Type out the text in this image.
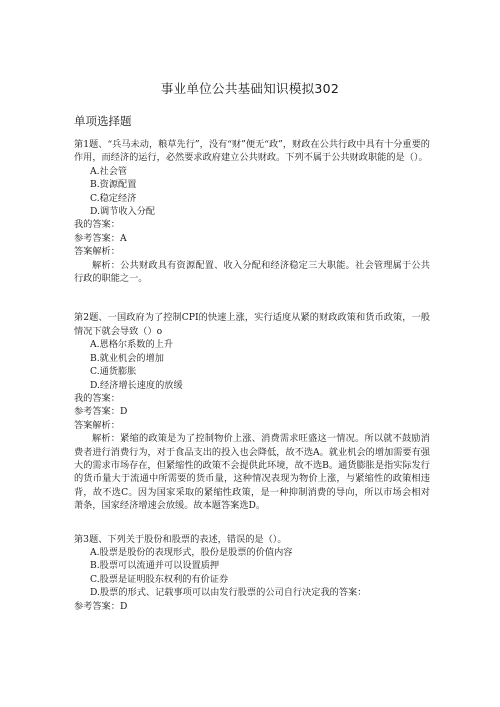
事业单位公共基础知识模拟302
单项选择题

第1题、“兵马未动，粮草先行”，没有“财”便无“政”，财政在公共行政中具有十分重要的作用，而经济的运行，必然要求政府建立公共财政。下列不属于公共财政职能的是（）。

A.社会管

B.资源配置

C.稳定经济

D.调节收入分配

我的答案：

参考答案：A

答案解析：

解析：公共财政具有资源配置、收入分配和经济稳定三大职能。社会管理属于公共行政的职能之一。

第2题、一国政府为了控制CPI的快速上涨，实行适度从紧的财政政策和货币政策，一般情况下就会导致（）o

A.恩格尔系数的上升

B.就业机会的增加

C.通货膨胀

D.经济增长速度的放缓

我的答案：

参考答案：D

答案解析：

解析：紧缩的政策是为了控制物价上涨、消费需求旺盛这一情况。所以就不鼓励消费者进行消费行为，对于食品支出的投入也会降低，故不选A。就业机会的增加需要有强大的需求市场存在，但紧缩性的政策不会提供此环境，故不选B。通货膨胀是指实际发行的货币量大于流通中所需要的货币量，这种情况表现为物价上涨，与紧缩性的政策相违背，故不选C。因为国家采取的紧缩性政策，是一种抑制消费的导向，所以市场会相对萧条，国家经济增速会放缓。故本题答案选D。

第3题、下列关于股份和股票的表述，错误的是（）。

A.股票是股份的表现形式，股份是股票的价值内容

B.股票可以流通并可以设置质押

C.股票是证明股东权利的有价证券

D.股票的形式、记载事项可以由发行股票的公司自行决定我的答案：

参考答案：D
